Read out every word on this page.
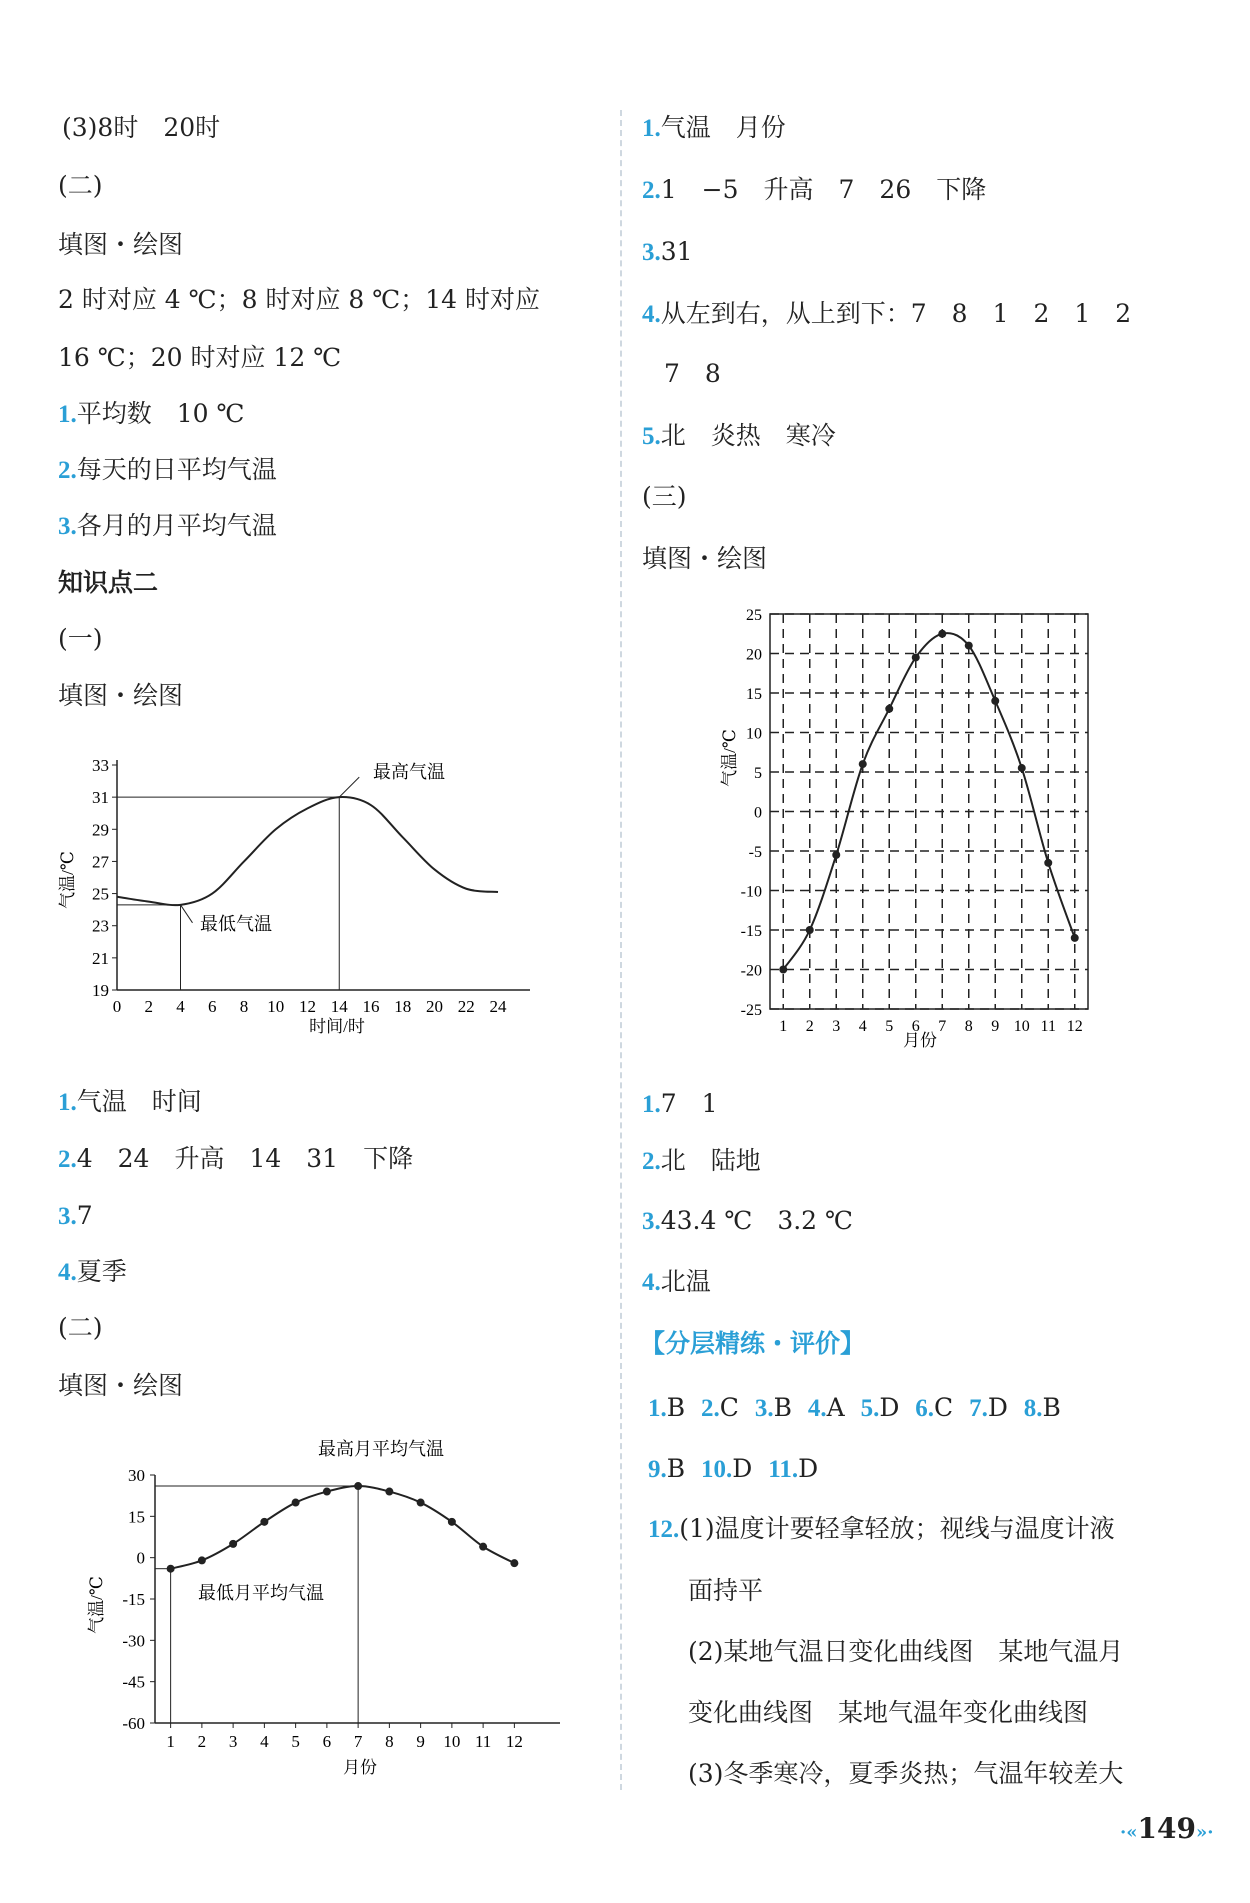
(3)8时　20时
(二)
填图・绘图
2 时对应 4 ℃；8 时对应 8 ℃；14 时对应
16 ℃；20 时对应 12 ℃
1.平均数　10 ℃
2.每天的日平均气温
3.各月的月平均气温
知识点二
(一)
填图・绘图
19
21
23
25
27
29
31
33
0 2 4 6 8 10 12 14 16 18 20 22 24
气温/℃
时间/时
最高气温
最低气温
1.气温　时间
2.4　24　升高　14　31　下降
3.7
4.夏季
(二)
填图・绘图
30
15
0
-15
-30
-45
-60
1 2 3 4 5 6 7 8 9 10 11 12
气温/℃
月份
最高月平均气温
最低月平均气温
1.气温　月份
2.1　−5　升高　7　26　下降
3.31
4.从左到右，从上到下：7　8　1　2　1　2
7　8
5.北　炎热　寒冷
(三)
填图・绘图
25
20
15
10
5
0
-5
-10
-15
-20
-25
1 2 3 4 5 6 7 8 9 10 11 12
气温/℃
月份
1.7　1
2.北　陆地
3.43.4 ℃　3.2 ℃
4.北温
【分层精练・评价】
1.B 2.C 3.B 4.A 5.D 6.C 7.D 8.B
9.B 10.D 11.D
12.(1)温度计要轻拿轻放；视线与温度计液
面持平
(2)某地气温日变化曲线图　某地气温月
变化曲线图　某地气温年变化曲线图
(3)冬季寒冷，夏季炎热；气温年较差大
·«149»·
